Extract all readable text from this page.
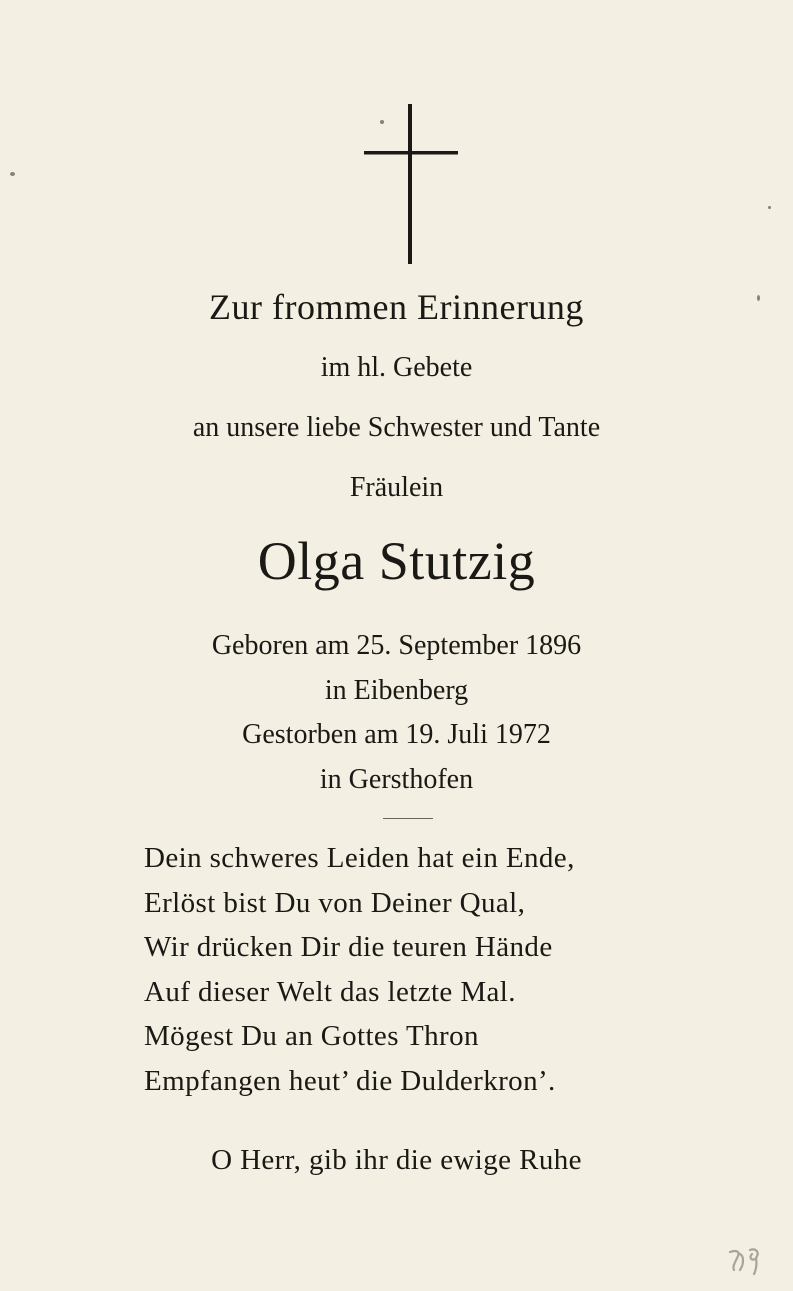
Zur frommen Erinnerung
im hl. Gebete
an unsere liebe Schwester und Tante
Fräulein
Olga Stutzig
Geboren am 25. September 1896
in Eibenberg
Gestorben am 19. Juli 1972
in Gersthofen
Dein schweres Leiden hat ein Ende,
Erlöst bist Du von Deiner Qual,
Wir drücken Dir die teuren Hände
Auf dieser Welt das letzte Mal.
Mögest Du an Gottes Thron
Empfangen heut’ die Dulderkron’.
O Herr, gib ihr die ewige Ruhe
